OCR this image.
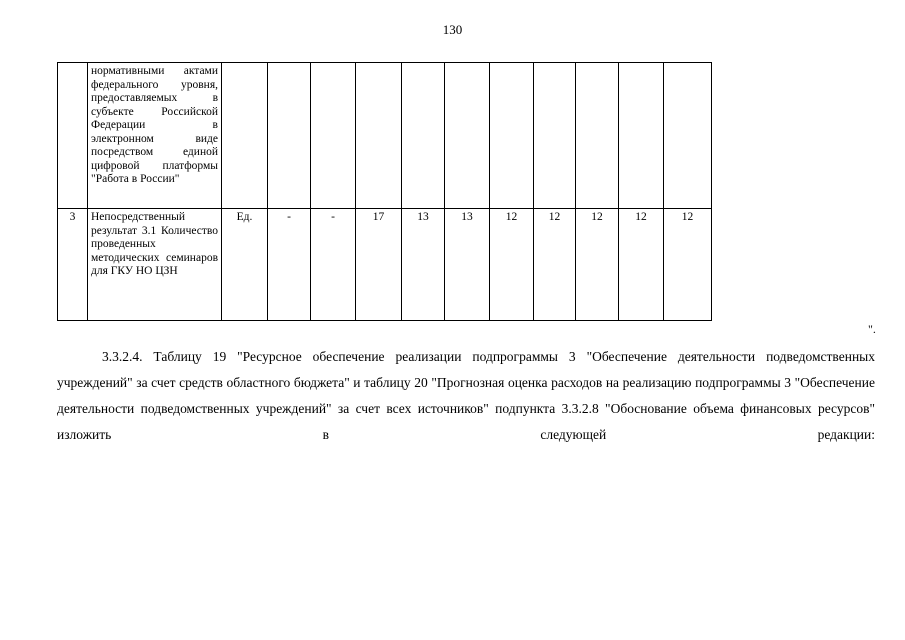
130
	нормативными актами федерального уровня, предоставляемых в субъекте Российской Федерации в электронном виде посредством единой цифровой платформы "Работа в России"											
3	Непосредственный результат 3.1 Количество проведенных методических семинаров для ГКУ НО ЦЗН	Ед.	-	-	17	13	13	12	12	12	12	12
".
3.3.2.4. Таблицу 19 "Ресурсное обеспечение реализации подпрограммы 3 "Обеспечение деятельности подведомственных учреждений" за счет средств областного бюджета" и таблицу 20 "Прогнозная оценка расходов на реализацию подпрограммы 3 "Обеспечение деятельности подведомственных учреждений" за счет всех источников" подпункта 3.3.2.8 "Обоснование объема финансовых ресурсов" изложить в следующей редакции:
